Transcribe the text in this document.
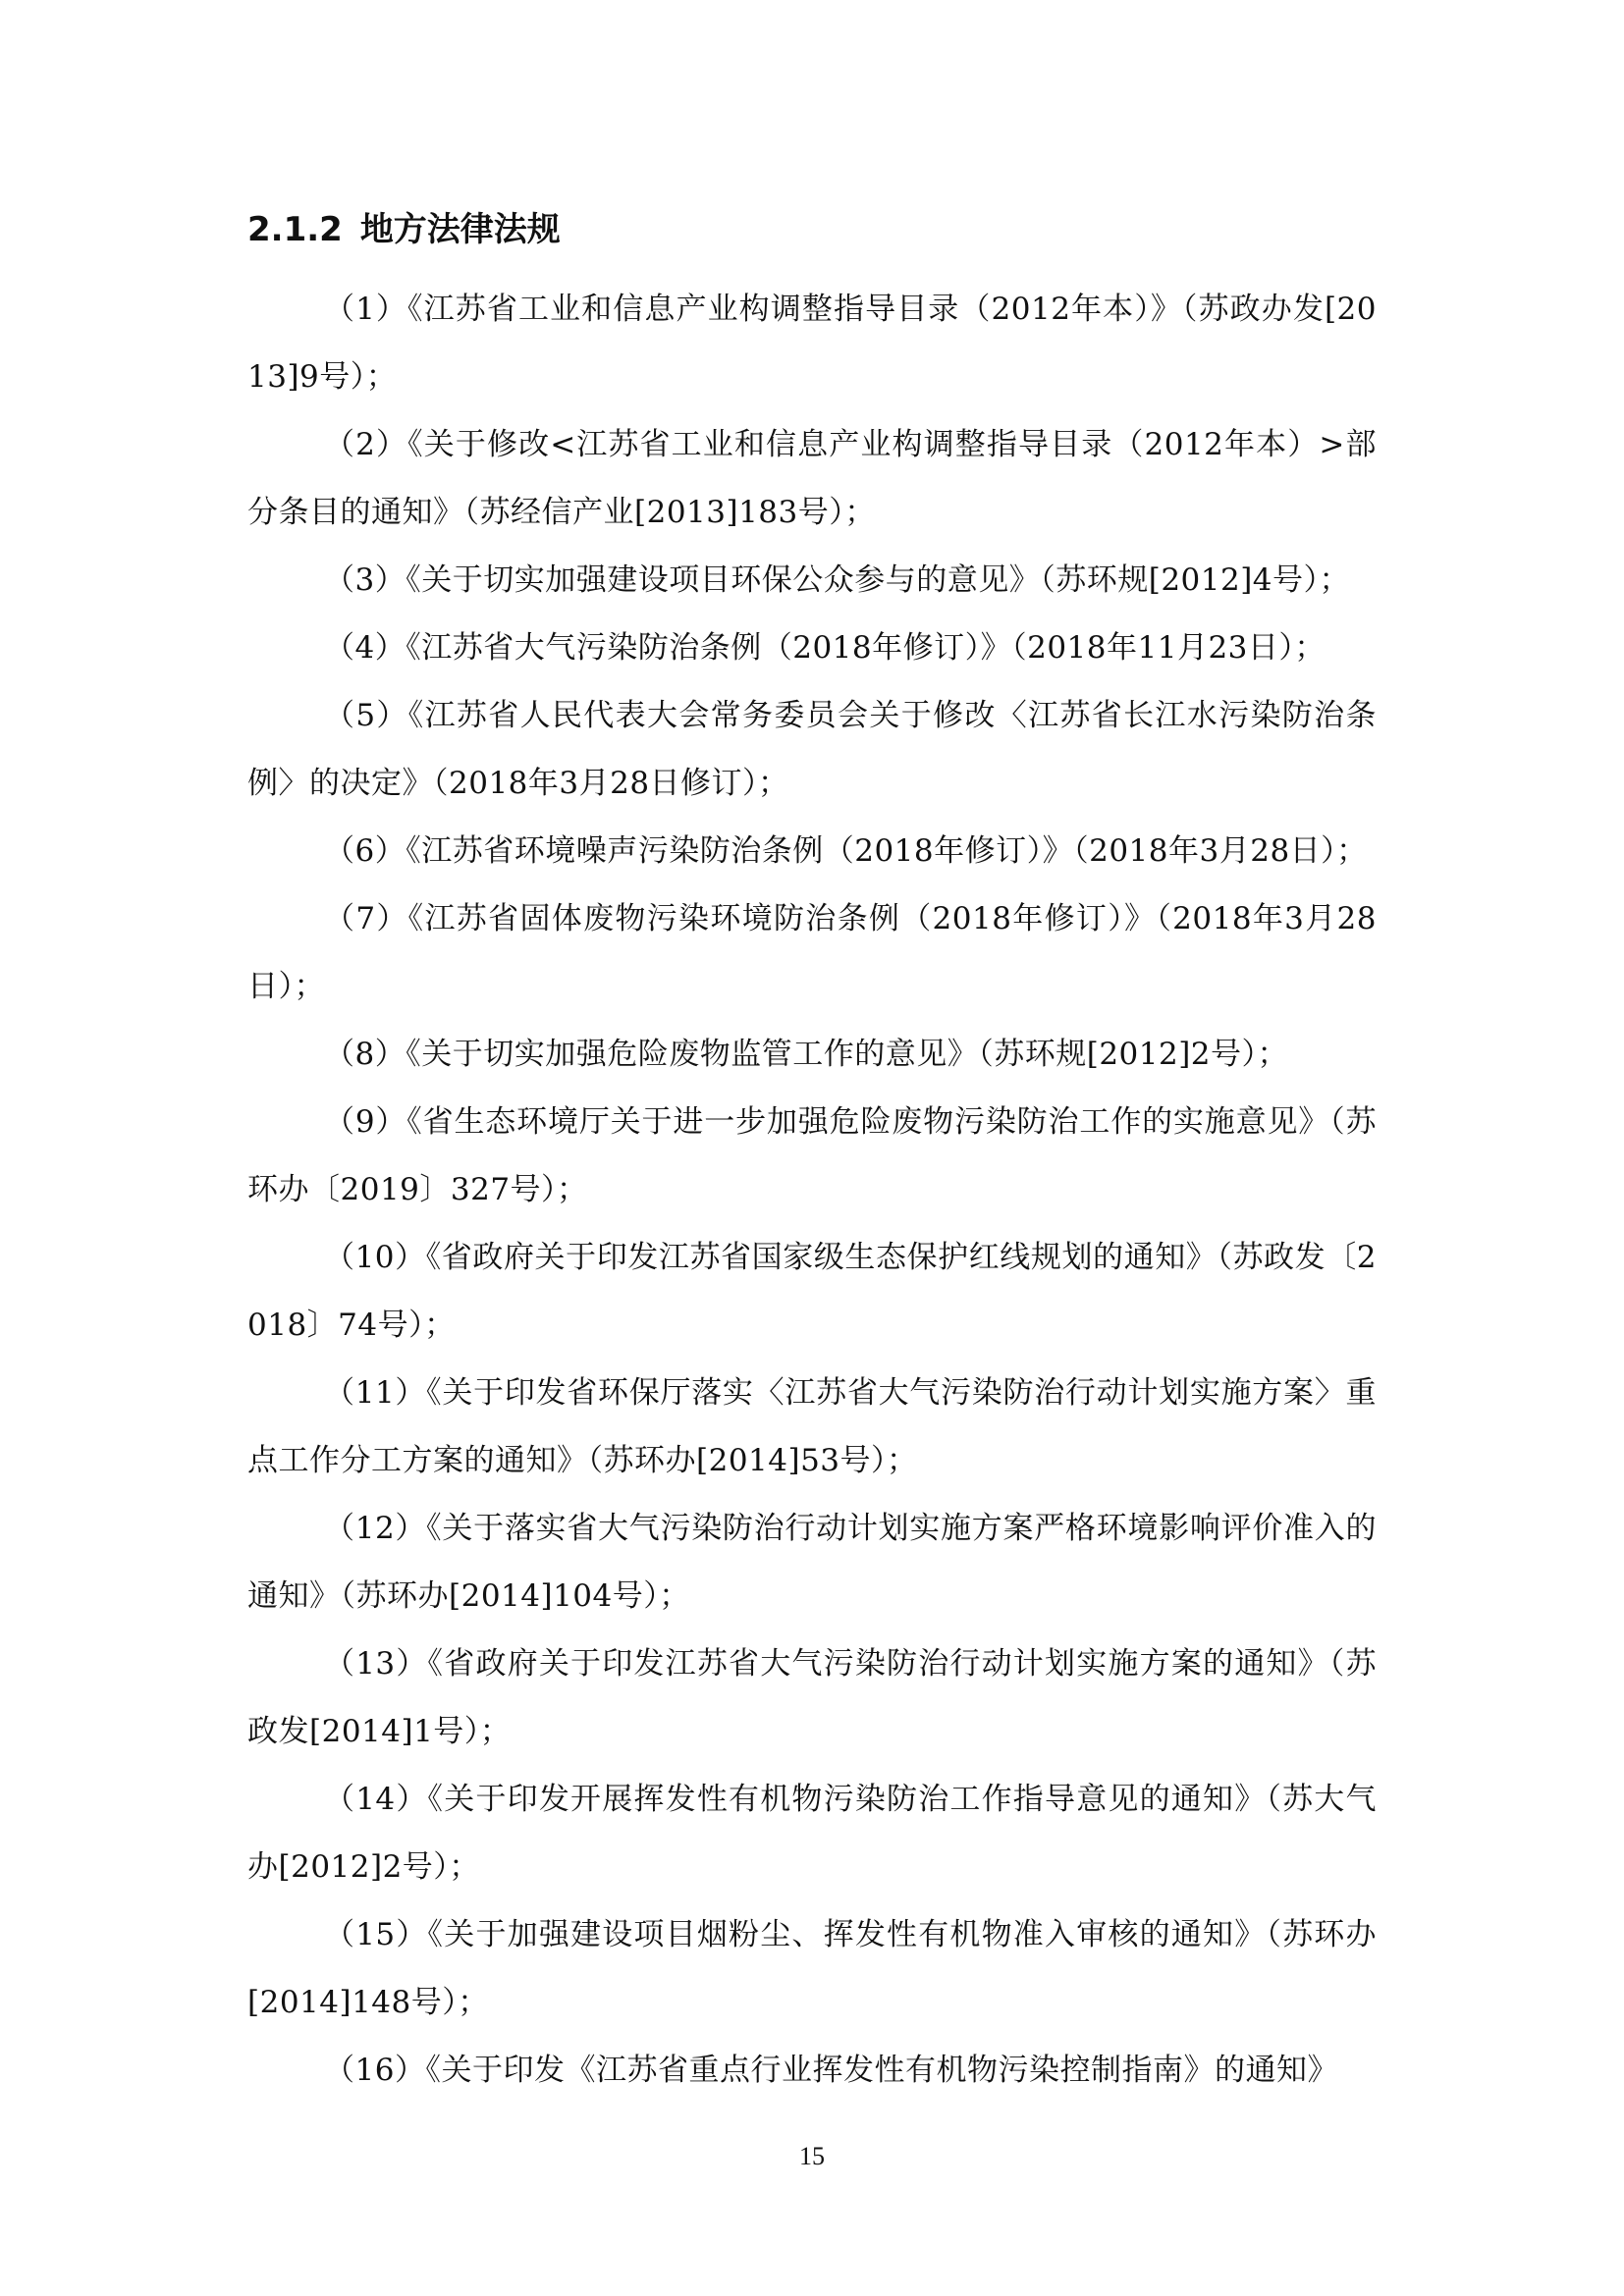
2.1.2 地方法律法规
（1）《江苏省工业和信息产业构调整指导目录（2012年本）》（苏政办发[2013]9号）；
（2）《关于修改<江苏省工业和信息产业构调整指导目录（2012年本）>部分条目的通知》（苏经信产业[2013]183号）；
（3）《关于切实加强建设项目环保公众参与的意见》（苏环规[2012]4号）；
（4）《江苏省大气污染防治条例（2018年修订）》（2018年11月23日）；
（5）《江苏省人民代表大会常务委员会关于修改〈江苏省长江水污染防治条例〉的决定》（2018年3月28日修订）；
（6）《江苏省环境噪声污染防治条例（2018年修订）》（2018年3月28日）；
（7）《江苏省固体废物污染环境防治条例（2018年修订）》（2018年3月28日）；
（8）《关于切实加强危险废物监管工作的意见》（苏环规[2012]2号）；
（9）《省生态环境厅关于进一步加强危险废物污染防治工作的实施意见》（苏环办〔2019〕327号）；
（10）《省政府关于印发江苏省国家级生态保护红线规划的通知》（苏政发〔2018〕74号）；
（11）《关于印发省环保厅落实〈江苏省大气污染防治行动计划实施方案〉重点工作分工方案的通知》（苏环办[2014]53号）；
（12）《关于落实省大气污染防治行动计划实施方案严格环境影响评价准入的通知》（苏环办[2014]104号）；
（13）《省政府关于印发江苏省大气污染防治行动计划实施方案的通知》（苏政发[2014]1号）；
（14）《关于印发开展挥发性有机物污染防治工作指导意见的通知》（苏大气办[2012]2号）；
（15）《关于加强建设项目烟粉尘、挥发性有机物准入审核的通知》（苏环办[2014]148号）；
（16）《关于印发《江苏省重点行业挥发性有机物污染控制指南》的通知》
15
